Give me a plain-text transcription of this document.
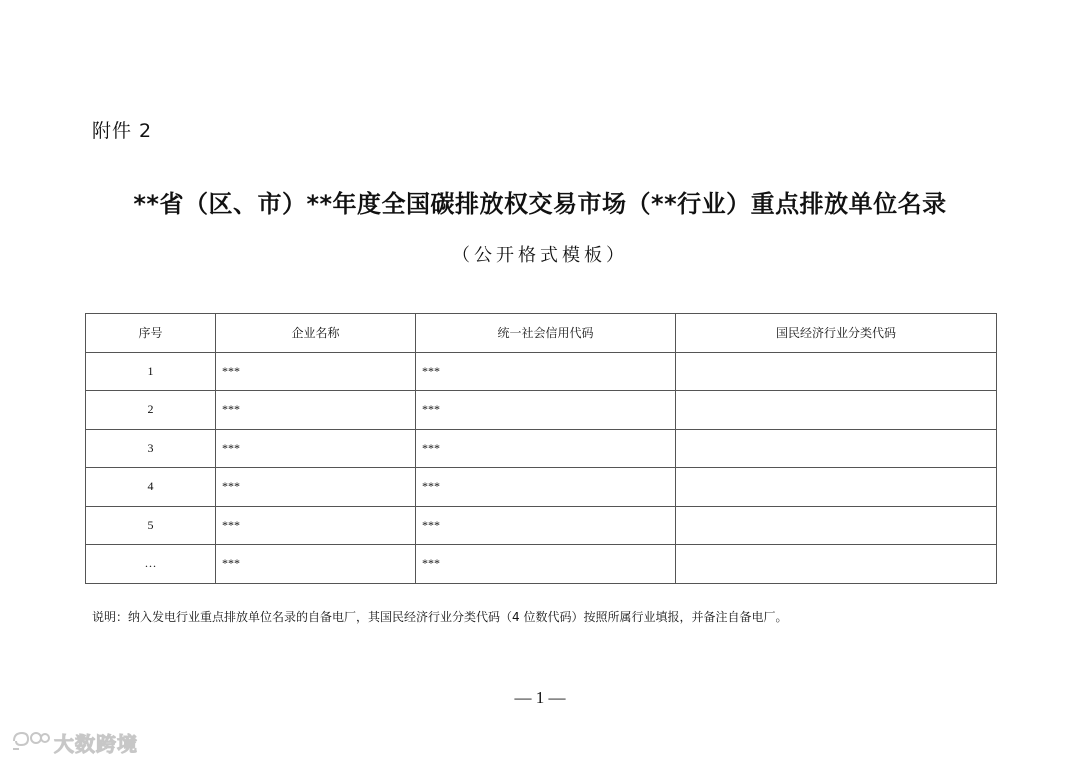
附件 2
**省（区、市）**年度全国碳排放权交易市场（**行业）重点排放单位名录
（公开格式模板）
序号	企业名称	统一社会信用代码	国民经济行业分类代码
1	***	***	
2	***	***	
3	***	***	
4	***	***	
5	***	***	
…	***	***	
说明：纳入发电行业重点排放单位名录的自备电厂，其国民经济行业分类代码（4 位数代码）按照所属行业填报，并备注自备电厂。
— 1 —
大数跨境
